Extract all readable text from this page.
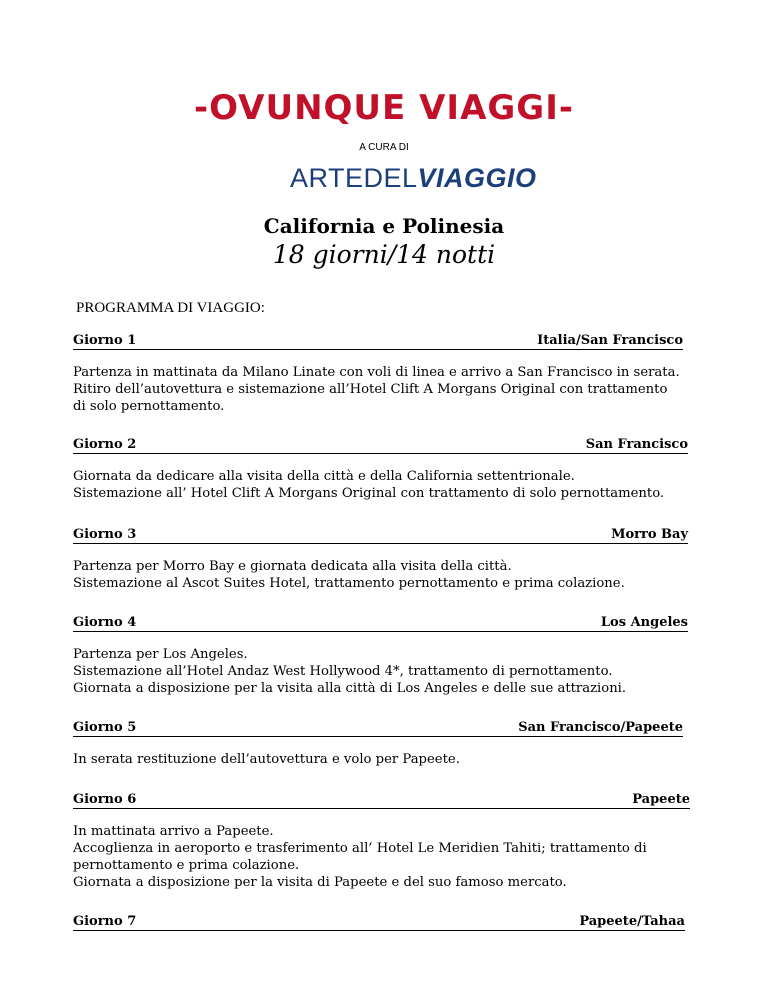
-OVUNQUE VIAGGI-
A CURA DI
ARTEDELVIAGGIO
California e Polinesia
18 giorni/14 notti
PROGRAMMA DI VIAGGIO:
Giorno 1	Italia/San Francisco
Partenza in mattinata da Milano Linate con voli di linea e arrivo a San Francisco in serata.
Ritiro dell’autovettura e sistemazione all’Hotel Clift A Morgans Original con trattamento
di solo pernottamento.
Giorno 2	San Francisco
Giornata da dedicare alla visita della città e della California settentrionale.
Sistemazione all’ Hotel Clift A Morgans Original con trattamento di solo pernottamento.
Giorno 3	Morro Bay
Partenza per Morro Bay e giornata dedicata alla visita della città.
Sistemazione al Ascot Suites Hotel, trattamento pernottamento e prima colazione.
Giorno 4	Los Angeles
Partenza per Los Angeles.
Sistemazione all’Hotel Andaz West Hollywood 4*, trattamento di pernottamento.
Giornata a disposizione per la visita alla città di Los Angeles e delle sue attrazioni.
Giorno 5	San Francisco/Papeete
In serata restituzione dell’autovettura e volo per Papeete.
Giorno 6	Papeete
In mattinata arrivo a Papeete.
Accoglienza in aeroporto e trasferimento all’ Hotel Le Meridien Tahiti; trattamento di
pernottamento e prima colazione.
Giornata a disposizione per la visita di Papeete e del suo famoso mercato.
Giorno 7	Papeete/Tahaa
